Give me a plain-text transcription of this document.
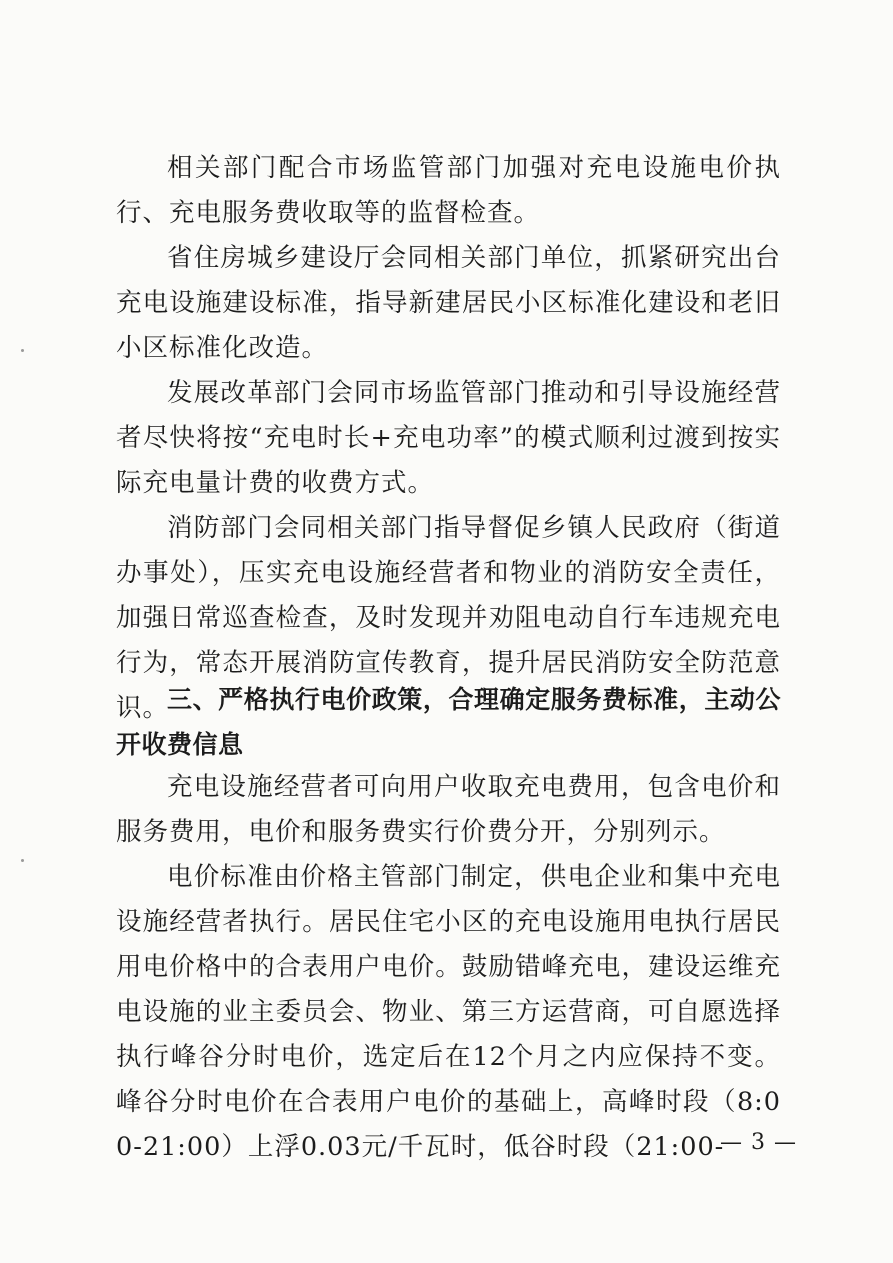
相关部门配合市场监管部门加强对充电设施电价执行、充电服务费收取等的监督检查。

省住房城乡建设厅会同相关部门单位，抓紧研究出台充电设施建设标准，指导新建居民小区标准化建设和老旧小区标准化改造。

发展改革部门会同市场监管部门推动和引导设施经营者尽快将按“充电时长+充电功率”的模式顺利过渡到按实际充电量计费的收费方式。

消防部门会同相关部门指导督促乡镇人民政府（街道办事处），压实充电设施经营者和物业的消防安全责任，加强日常巡查检查，及时发现并劝阻电动自行车违规充电行为，常态开展消防宣传教育，提升居民消防安全防范意识。

三、严格执行电价政策，合理确定服务费标准，主动公开收费信息

充电设施经营者可向用户收取充电费用，包含电价和服务费用，电价和服务费实行价费分开，分别列示。

电价标准由价格主管部门制定，供电企业和集中充电设施经营者执行。居民住宅小区的充电设施用电执行居民用电价格中的合表用户电价。鼓励错峰充电，建设运维充电设施的业主委员会、物业、第三方运营商，可自愿选择执行峰谷分时电价，选定后在12个月之内应保持不变。峰谷分时电价在合表用户电价的基础上，高峰时段（8:00-21:00）上浮0.03元/千瓦时，低谷时段（21:00-

— 3 —
